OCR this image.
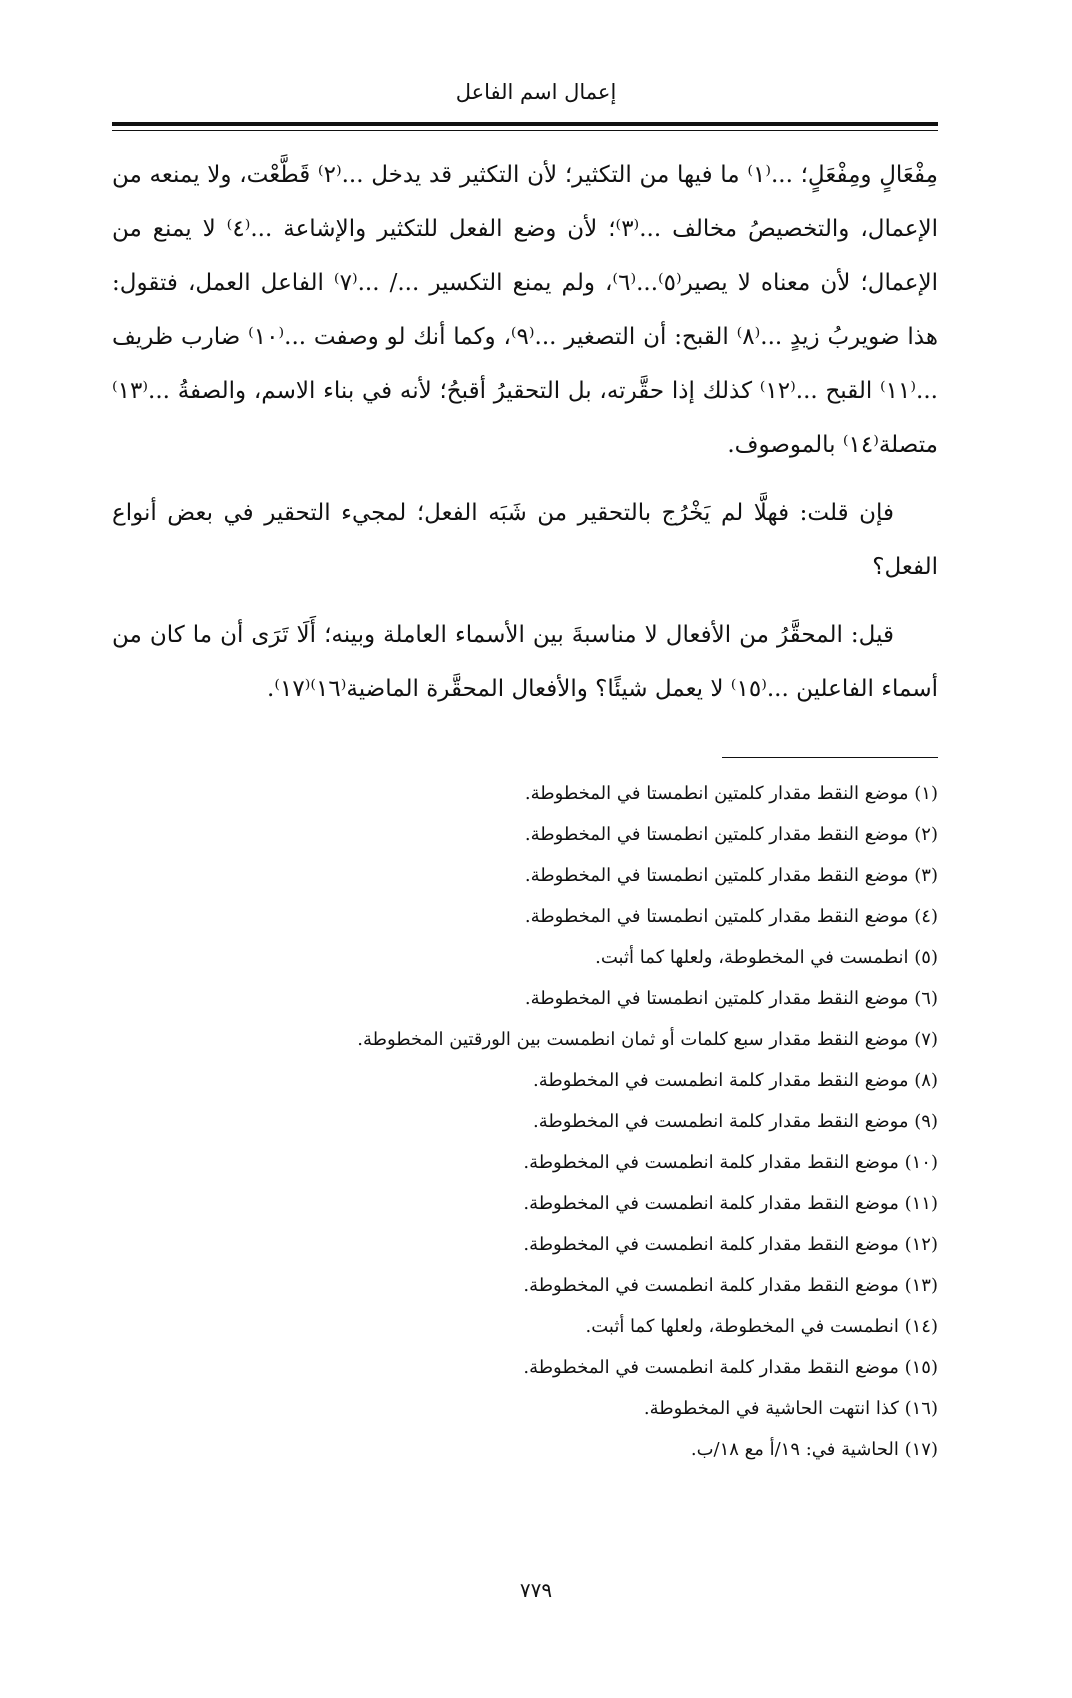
إعمال اسم الفاعل

مِفْعَالٍ ومِفْعَلٍ؛ ...⁽١⁾ ما فيها من التكثير؛ لأن التكثير قد يدخل ...⁽٢⁾ قَطَّعْت، ولا يمنعه من الإعمال، والتخصيصُ مخالف ...⁽٣⁾؛ لأن وضع الفعل للتكثير والإشاعة ...⁽٤⁾ لا يمنع من الإعمال؛ لأن معناه لا يصير⁽٥⁾...⁽٦⁾، ولم يمنع التكسير .../ ...⁽٧⁾ الفاعل العمل، فتقول: هذا ضويربُ زيدٍ ...⁽٨⁾ القبح: أن التصغير ...⁽٩⁾، وكما أنك لو وصفت ...⁽١٠⁾ ضارب ظريف ...⁽١١⁾ القبح ...⁽١٢⁾ كذلك إذا حقَّرته، بل التحقيرُ أقبحُ؛ لأنه في بناء الاسم، والصفةُ ...⁽١٣⁾ متصلة⁽١٤⁾ بالموصوف.

فإن قلت: فهلَّا لم يَخْرُج بالتحقير من شَبَه الفعل؛ لمجيء التحقير في بعض أنواع الفعل؟

قيل: المحقَّرُ من الأفعال لا مناسبةَ بين الأسماء العاملة وبينه؛ أَلَا تَرَى أن ما كان من أسماء الفاعلين ...⁽١٥⁾ لا يعمل شيئًا؟ والأفعال المحقَّرة الماضية⁽١٦⁾⁽١٧⁾.

(١) موضع النقط مقدار كلمتين انطمستا في المخطوطة.
(٢) موضع النقط مقدار كلمتين انطمستا في المخطوطة.
(٣) موضع النقط مقدار كلمتين انطمستا في المخطوطة.
(٤) موضع النقط مقدار كلمتين انطمستا في المخطوطة.
(٥) انطمست في المخطوطة، ولعلها كما أثبت.
(٦) موضع النقط مقدار كلمتين انطمستا في المخطوطة.
(٧) موضع النقط مقدار سبع كلمات أو ثمان انطمست بين الورقتين المخطوطة.
(٨) موضع النقط مقدار كلمة انطمست في المخطوطة.
(٩) موضع النقط مقدار كلمة انطمست في المخطوطة.
(١٠) موضع النقط مقدار كلمة انطمست في المخطوطة.
(١١) موضع النقط مقدار كلمة انطمست في المخطوطة.
(١٢) موضع النقط مقدار كلمة انطمست في المخطوطة.
(١٣) موضع النقط مقدار كلمة انطمست في المخطوطة.
(١٤) انطمست في المخطوطة، ولعلها كما أثبت.
(١٥) موضع النقط مقدار كلمة انطمست في المخطوطة.
(١٦) كذا انتهت الحاشية في المخطوطة.
(١٧) الحاشية في: ١٩/أ مع ١٨/ب.
٧٧٩
